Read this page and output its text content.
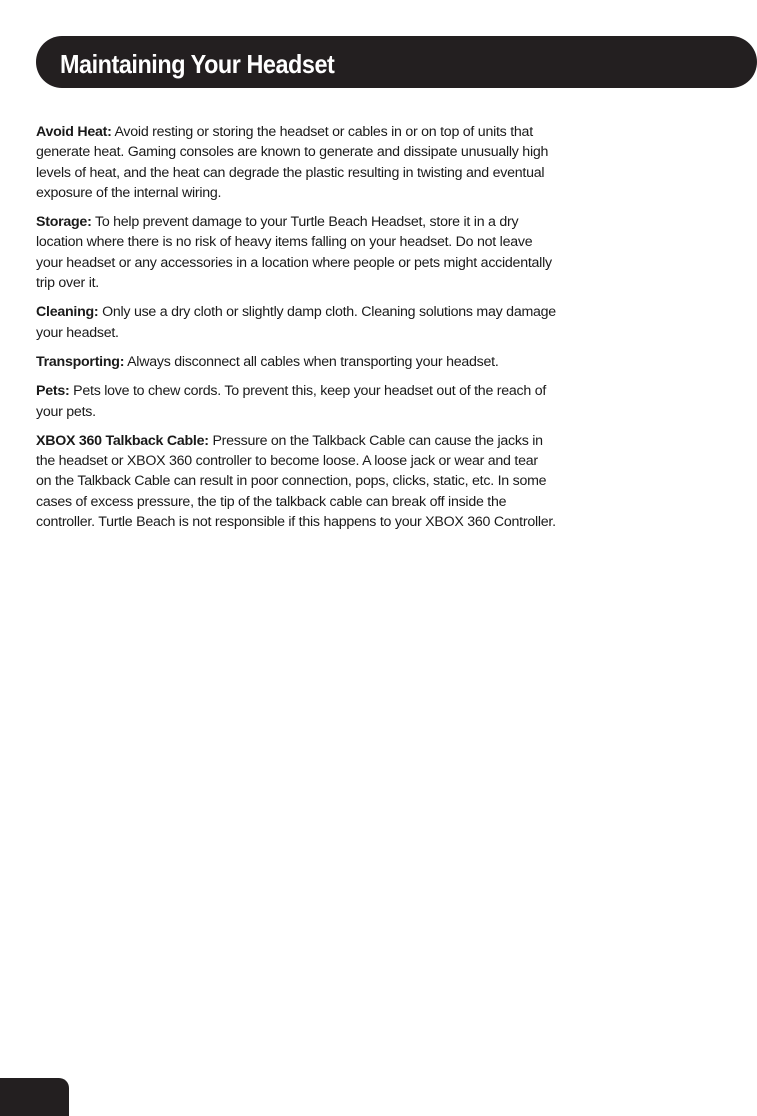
Maintaining Your Headset

Avoid Heat: Avoid resting or storing the headset or cables in or on top of units that generate heat. Gaming consoles are known to generate and dissipate unusually high levels of heat, and the heat can degrade the plastic resulting in twisting and eventual exposure of the internal wiring.

Storage: To help prevent damage to your Turtle Beach Headset, store it in a dry location where there is no risk of heavy items falling on your headset. Do not leave your headset or any accessories in a location where people or pets might accidentally trip over it.

Cleaning: Only use a dry cloth or slightly damp cloth. Cleaning solutions may damage your headset.

Transporting: Always disconnect all cables when transporting your headset.

Pets: Pets love to chew cords. To prevent this, keep your headset out of the reach of your pets.

XBOX 360 Talkback Cable: Pressure on the Talkback Cable can cause the jacks in the headset or XBOX 360 controller to become loose. A loose jack or wear and tear on the Talkback Cable can result in poor connection, pops, clicks, static, etc. In some cases of excess pressure, the tip of the talkback cable can break off inside the controller. Turtle Beach is not responsible if this happens to your XBOX 360 Controller.
